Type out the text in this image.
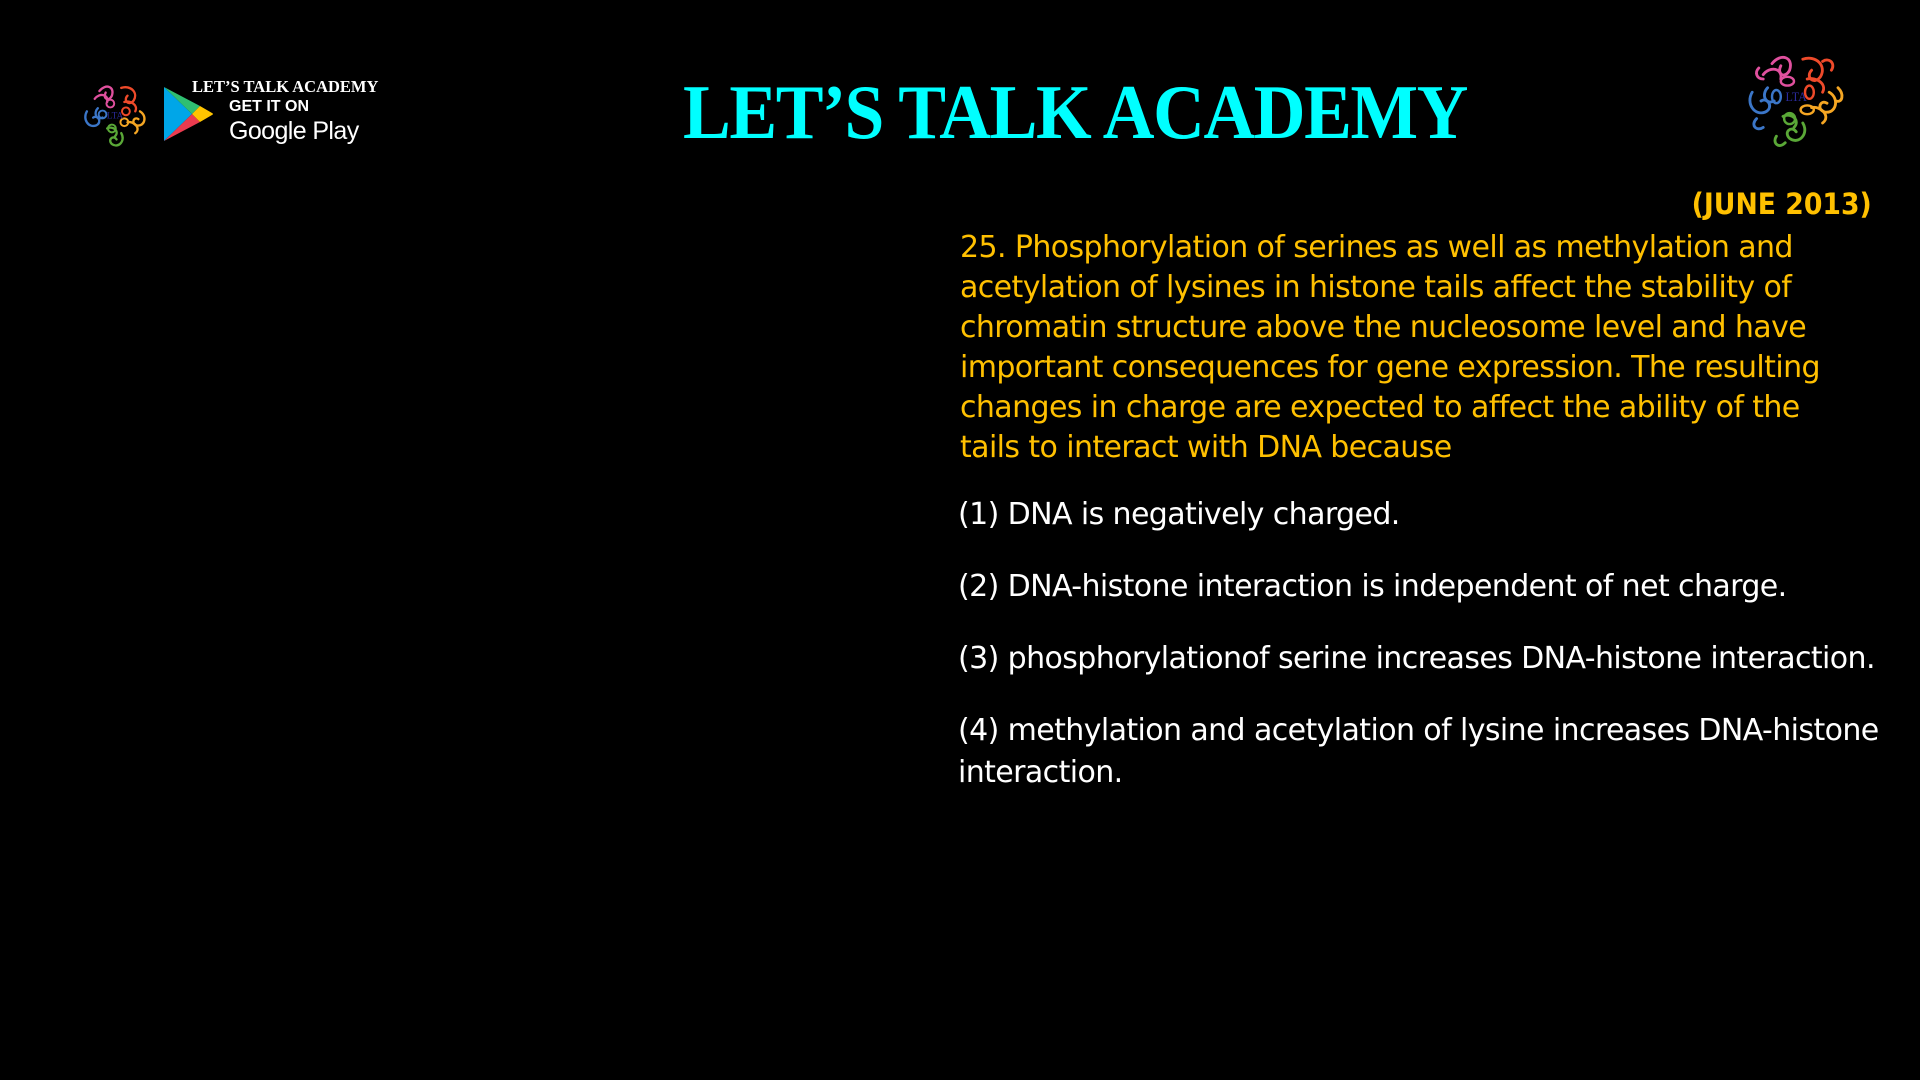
LTA
LET’S TALK ACADEMY
GET IT ON
Google Play	LET’S TALK ACADEMY	LTA
(JUNE 2013)

25. Phosphorylation of serines as well as methylation and
acetylation of lysines in histone tails affect the stability of
chromatin structure above the nucleosome level and have
important consequences for gene expression. The resulting
changes in charge are expected to affect the ability of the
tails to interact with DNA because

(1) DNA is negatively charged.
(2) DNA-histone interaction is independent of net charge.
(3) phosphorylationof serine increases DNA-histone interaction.
(4) methylation and acetylation of lysine increases DNA-histone
interaction.
